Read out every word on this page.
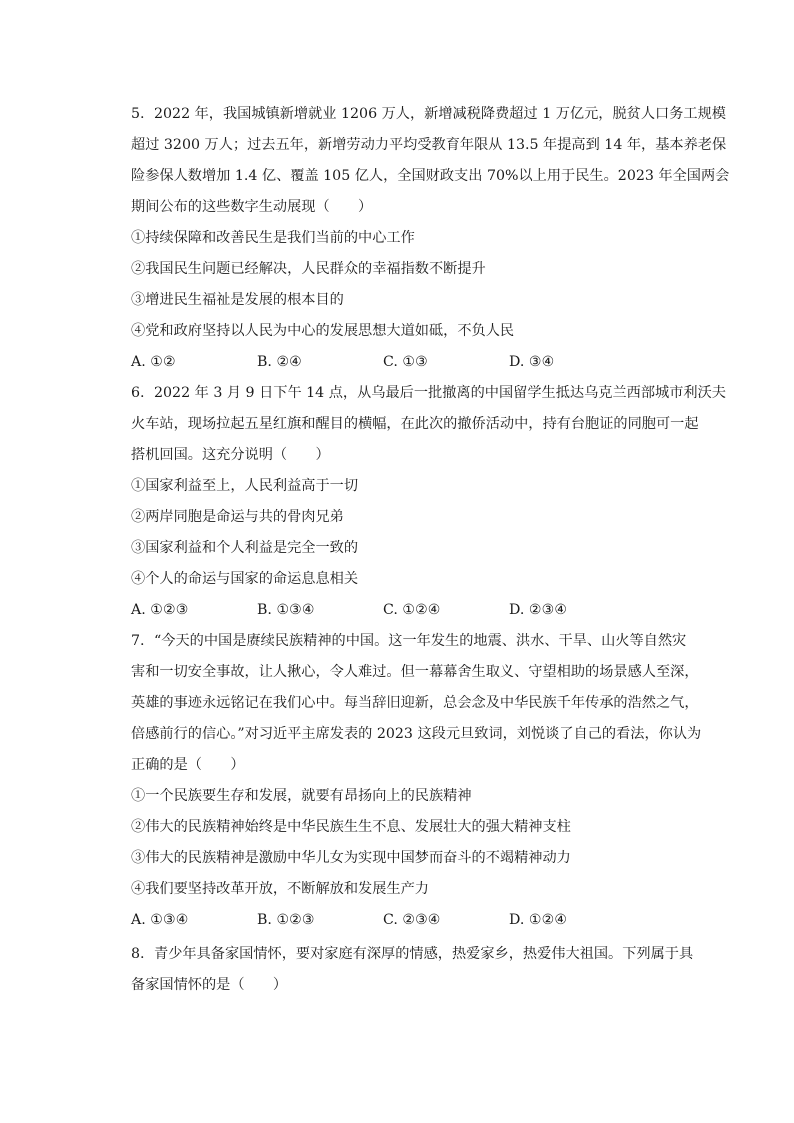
5. 2022 年，我国城镇新增就业 1206 万人，新增减税降费超过 1 万亿元，脱贫人口务工规模

超过 3200 万人；过去五年，新增劳动力平均受教育年限从 13.5 年提高到 14 年，基本养老保

险参保人数增加 1.4 亿、覆盖 105 亿人，全国财政支出 70%以上用于民生。2023 年全国两会

期间公布的这些数字生动展现（　　）

①持续保障和改善民生是我们当前的中心工作

②我国民生问题已经解决，人民群众的幸福指数不断提升

③增进民生福祉是发展的根本目的

④党和政府坚持以人民为中心的发展思想大道如砥，不负人民

A. ①②	B. ②④	C. ①③	D. ③④

6. 2022 年 3 月 9 日下午 14 点，从乌最后一批撤离的中国留学生抵达乌克兰西部城市利沃夫

火车站，现场拉起五星红旗和醒目的横幅，在此次的撤侨活动中，持有台胞证的同胞可一起

搭机回国。这充分说明（　　）

①国家利益至上，人民利益高于一切

②两岸同胞是命运与共的骨肉兄弟

③国家利益和个人利益是完全一致的

④个人的命运与国家的命运息息相关

A. ①②③	B. ①③④	C. ①②④	D. ②③④

7. “今天的中国是赓续民族精神的中国。这一年发生的地震、洪水、干旱、山火等自然灾

害和一切安全事故，让人揪心，令人难过。但一幕幕舍生取义、守望相助的场景感人至深，

英雄的事迹永远铭记在我们心中。每当辞旧迎新，总会念及中华民族千年传承的浩然之气，

倍感前行的信心。”对习近平主席发表的 2023 这段元旦致词，刘悦谈了自己的看法，你认为

正确的是（　　）

①一个民族要生存和发展，就要有昂扬向上的民族精神

②伟大的民族精神始终是中华民族生生不息、发展壮大的强大精神支柱

③伟大的民族精神是激励中华儿女为实现中国梦而奋斗的不竭精神动力

④我们要坚持改革开放，不断解放和发展生产力

A. ①③④	B. ①②③	C. ②③④	D. ①②④

8. 青少年具备家国情怀，要对家庭有深厚的情感，热爱家乡，热爱伟大祖国。下列属于具

备家国情怀的是（　　）
